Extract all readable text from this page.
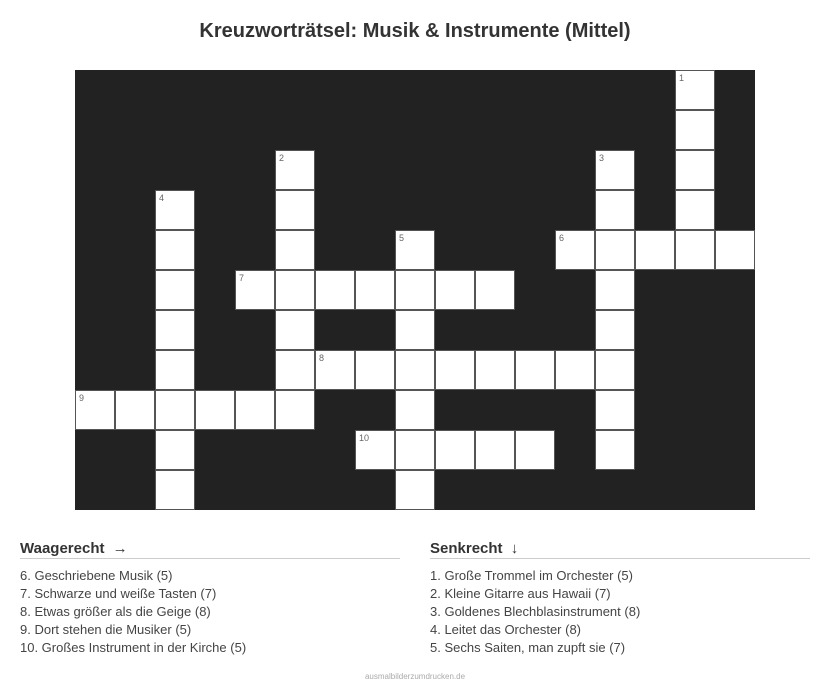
Kreuzworträtsel: Musik & Instrumente (Mittel)
1
2	3
4
5	6
7
8
9
10
Waagerecht →
6. Geschriebene Musik (5)
7. Schwarze und weiße Tasten (7)
8. Etwas größer als die Geige (8)
9. Dort stehen die Musiker (5)
10. Großes Instrument in der Kirche (5)
Senkrecht ↓
1. Große Trommel im Orchester (5)
2. Kleine Gitarre aus Hawaii (7)
3. Goldenes Blechblasinstrument (8)
4. Leitet das Orchester (8)
5. Sechs Saiten, man zupft sie (7)
ausmalbilderzumdrucken.de
